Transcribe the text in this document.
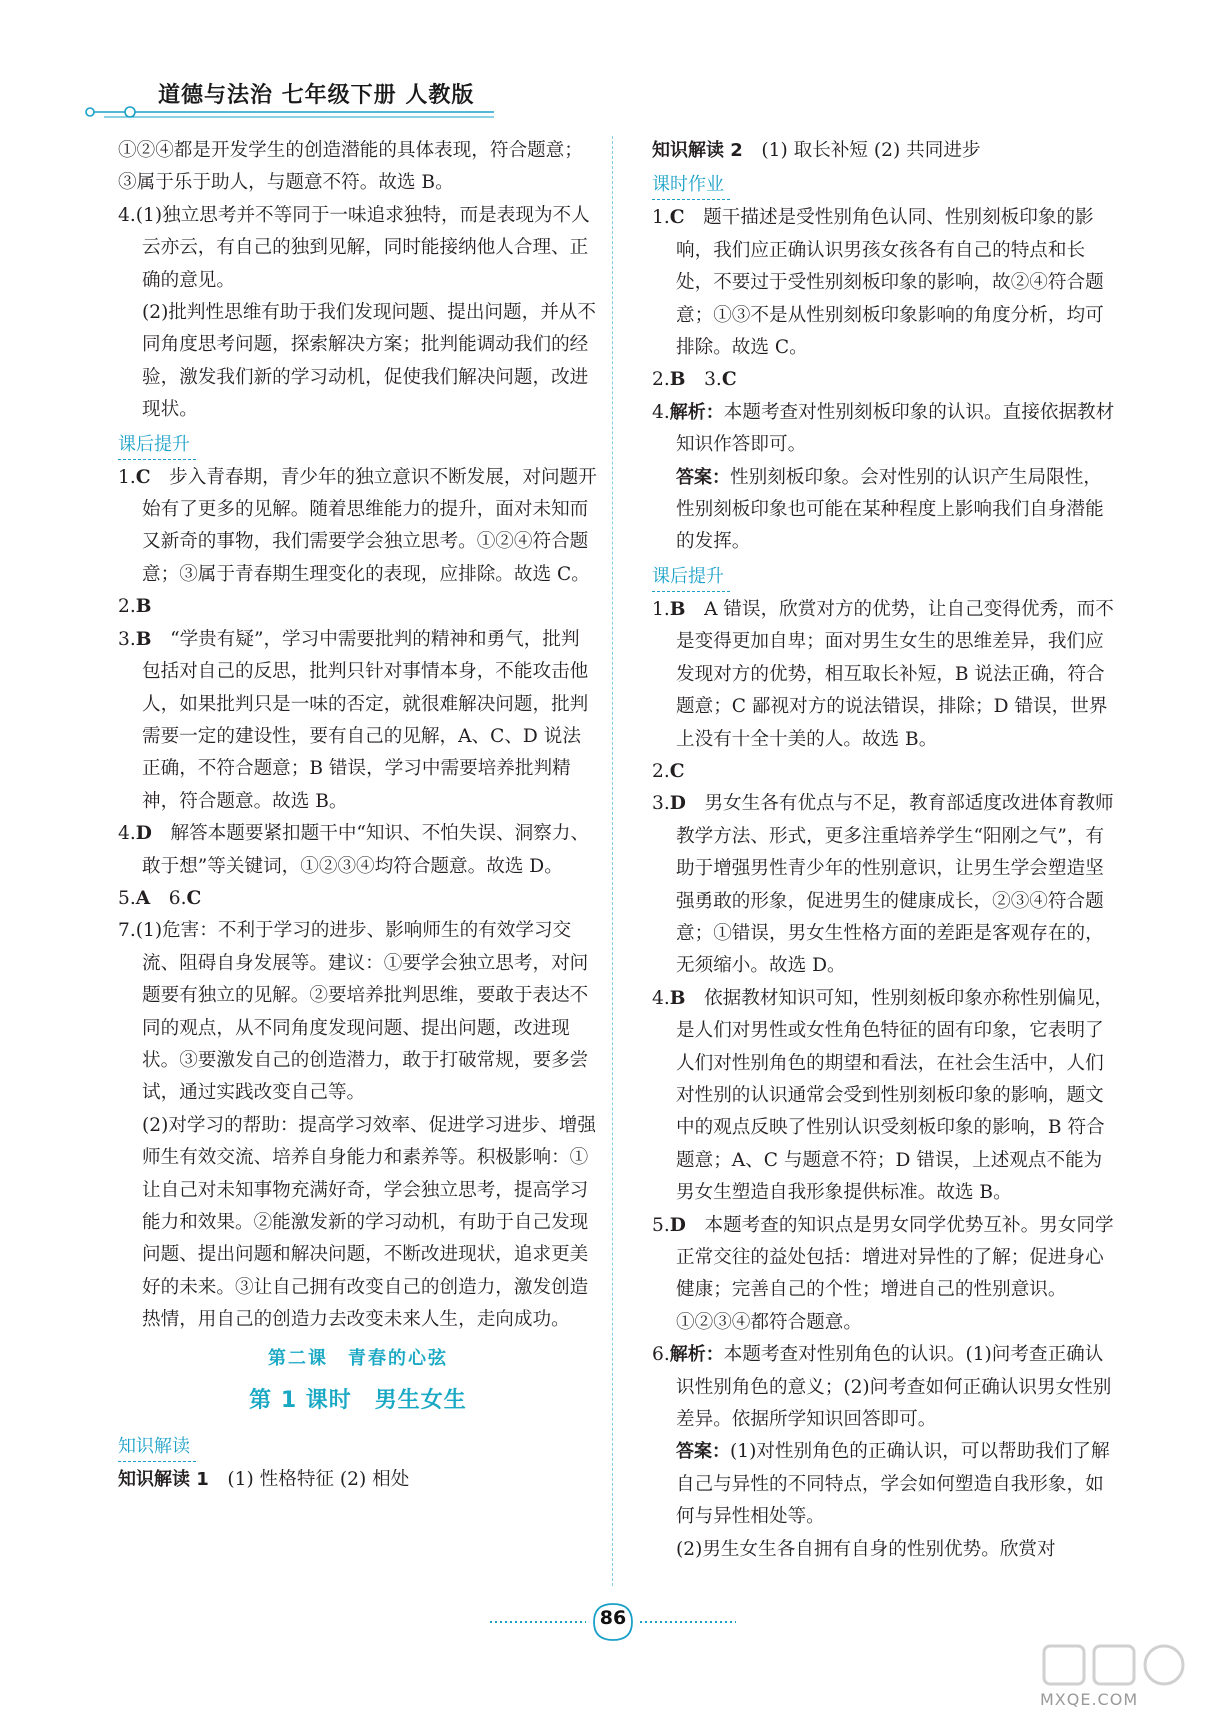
道德与法治 七年级下册 人教版

①②④都是开发学生的创造潜能的具体表现，符合题意；③属于乐于助人，与题意不符。故选 B。

4.(1)独立思考并不等同于一味追求独特，而是表现为不人云亦云，有自己的独到见解，同时能接纳他人合理、正确的意见。

(2)批判性思维有助于我们发现问题、提出问题，并从不同角度思考问题，探索解决方案；批判能调动我们的经验，激发我们新的学习动机，促使我们解决问题，改进现状。

课后提升

1.C　步入青春期，青少年的独立意识不断发展，对问题开始有了更多的见解。随着思维能力的提升，面对未知而又新奇的事物，我们需要学会独立思考。①②④符合题意；③属于青春期生理变化的表现，应排除。故选 C。

2.B

3.B　“学贵有疑”，学习中需要批判的精神和勇气，批判包括对自己的反思，批判只针对事情本身，不能攻击他人，如果批判只是一味的否定，就很难解决问题，批判需要一定的建设性，要有自己的见解，A、C、D 说法正确，不符合题意；B 错误，学习中需要培养批判精神，符合题意。故选 B。

4.D　解答本题要紧扣题干中“知识、不怕失误、洞察力、敢于想”等关键词，①②③④均符合题意。故选 D。

5.A　6.C

7.(1)危害：不利于学习的进步、影响师生的有效学习交流、阻碍自身发展等。建议：①要学会独立思考，对问题要有独立的见解。②要培养批判思维，要敢于表达不同的观点，从不同角度发现问题、提出问题，改进现状。③要激发自己的创造潜力，敢于打破常规，要多尝试，通过实践改变自己等。

(2)对学习的帮助：提高学习效率、促进学习进步、增强师生有效交流、培养自身能力和素养等。积极影响：①让自己对未知事物充满好奇，学会独立思考，提高学习能力和效果。②能激发新的学习动机，有助于自己发现问题、提出问题和解决问题，不断改进现状，追求更美好的未来。③让自己拥有改变自己的创造力，激发创造热情，用自己的创造力去改变未来人生，走向成功。

第二课　青春的心弦
第 1 课时　男生女生
知识解读

知识解读 1　(1) 性格特征 (2) 相处

知识解读 2　(1) 取长补短 (2) 共同进步

课时作业

1.C　题干描述是受性别角色认同、性别刻板印象的影响，我们应正确认识男孩女孩各有自己的特点和长处，不要过于受性别刻板印象的影响，故②④符合题意；①③不是从性别刻板印象影响的角度分析，均可排除。故选 C。

2.B　3.C

4.解析：本题考查对性别刻板印象的认识。直接依据教材知识作答即可。

答案：性别刻板印象。会对性别的认识产生局限性，性别刻板印象也可能在某种程度上影响我们自身潜能的发挥。

课后提升

1.B　A 错误，欣赏对方的优势，让自己变得优秀，而不是变得更加自卑；面对男生女生的思维差异，我们应发现对方的优势，相互取长补短，B 说法正确，符合题意；C 鄙视对方的说法错误，排除；D 错误，世界上没有十全十美的人。故选 B。

2.C

3.D　男女生各有优点与不足，教育部适度改进体育教师教学方法、形式，更多注重培养学生“阳刚之气”，有助于增强男性青少年的性别意识，让男生学会塑造坚强勇敢的形象，促进男生的健康成长，②③④符合题意；①错误，男女生性格方面的差距是客观存在的，无须缩小。故选 D。

4.B　依据教材知识可知，性别刻板印象亦称性别偏见，是人们对男性或女性角色特征的固有印象，它表明了人们对性别角色的期望和看法，在社会生活中，人们对性别的认识通常会受到性别刻板印象的影响，题文中的观点反映了性别认识受刻板印象的影响，B 符合题意；A、C 与题意不符；D 错误，上述观点不能为男女生塑造自我形象提供标准。故选 B。

5.D　本题考查的知识点是男女同学优势互补。男女同学正常交往的益处包括：增进对异性的了解；促进身心健康；完善自己的个性；增进自己的性别意识。①②③④都符合题意。

6.解析：本题考查对性别角色的认识。(1)问考查正确认识性别角色的意义；(2)问考查如何正确认识男女性别差异。依据所学知识回答即可。

答案：(1)对性别角色的正确认识，可以帮助我们了解自己与异性的不同特点，学会如何塑造自我形象，如何与异性相处等。

(2)男生女生各自拥有自身的性别优势。欣赏对

86
MXQE.COM
